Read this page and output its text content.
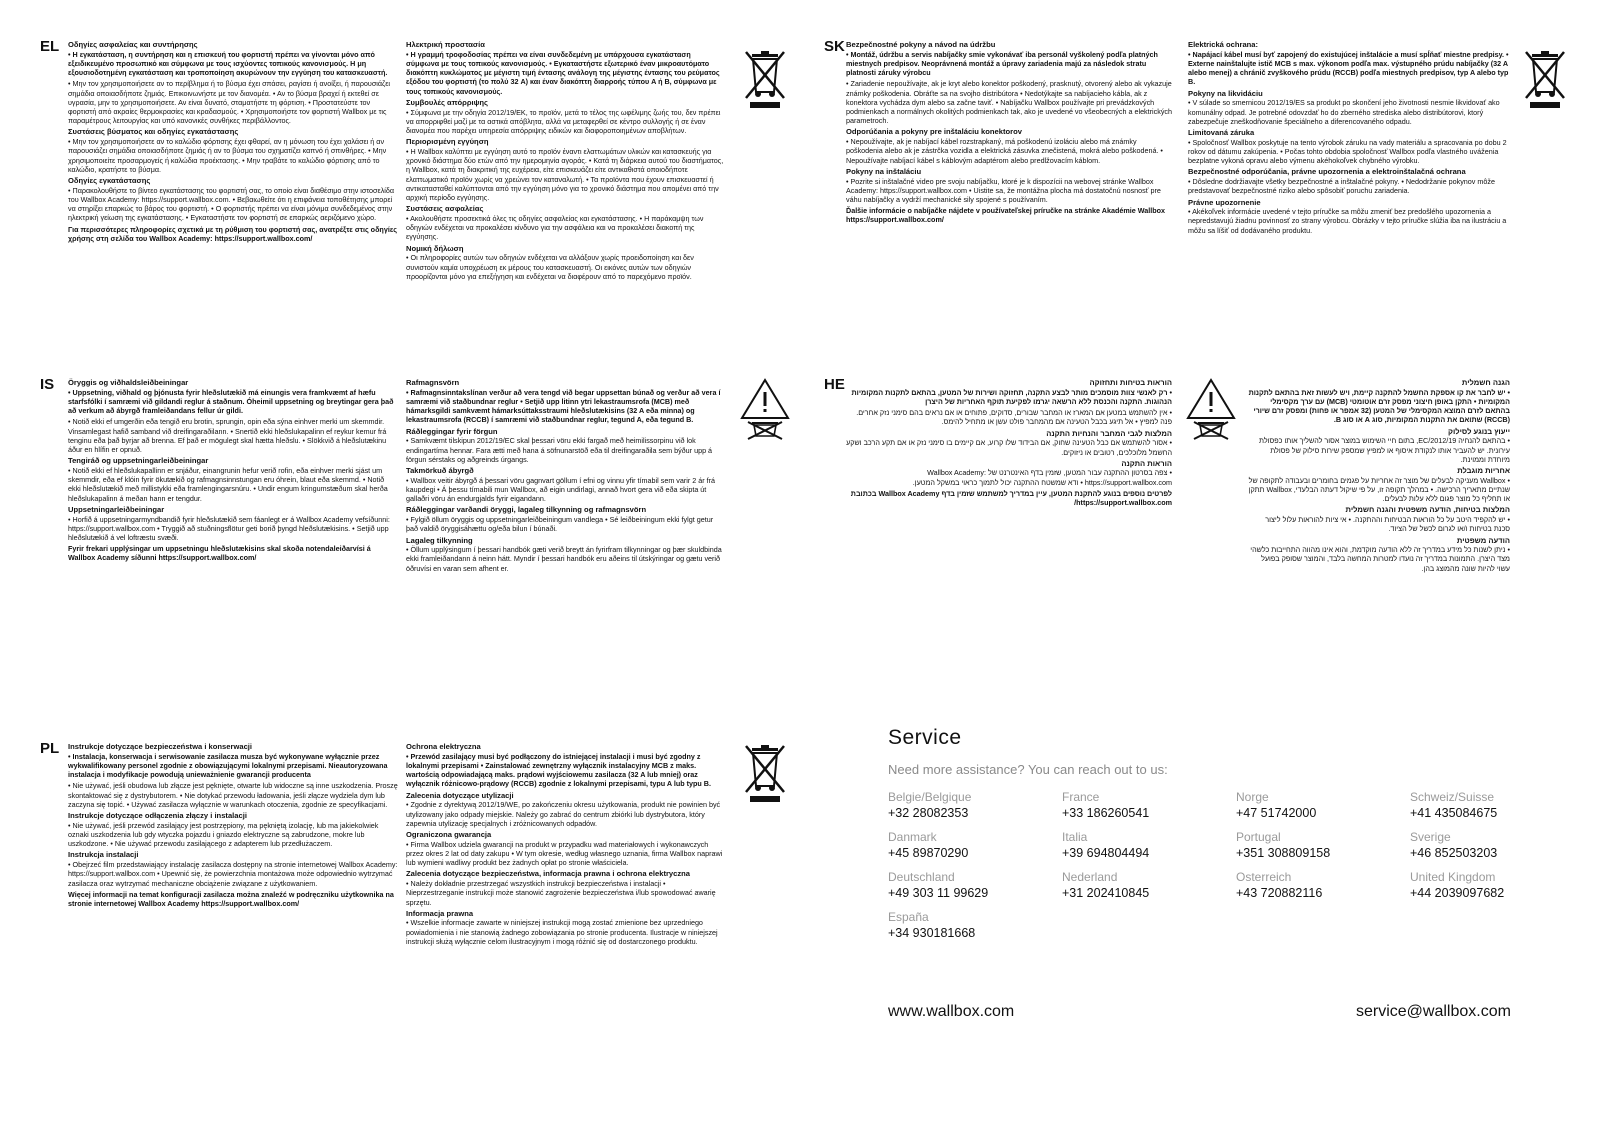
EL
IS
PL
SK
HE
Οδηγίες ασφαλείας και συντήρησης

• Η εγκατάσταση, η συντήρηση και η επισκευή του φορτιστή πρέπει να γίνονται μόνο από εξειδικευμένο προσωπικό και σύμφωνα με τους ισχύοντες τοπικούς κανονισμούς. Η μη εξουσιοδοτημένη εγκατάσταση και τροποποίηση ακυρώνουν την εγγύηση του κατασκευαστή.

• Μην τον χρησιμοποιήσετε αν το περίβλημα ή το βύσμα έχει σπάσει, ραγίσει ή ανοίξει, ή παρουσιάζει σημάδια οποιασδήποτε ζημιάς. Επικοινωνήστε με τον διανομέα. • Αν το βύσμα βραχεί ή εκτεθεί σε υγρασία, μην το χρησιμοποιήσετε. Αν είναι δυνατό, σταματήστε τη φόρτιση. • Προστατεύστε τον φορτιστή από ακραίες θερμοκρασίες και κραδασμούς. • Χρησιμοποιήστε τον φορτιστή Wallbox με τις παραμέτρους λειτουργίας και υπό κανονικές συνθήκες περιβάλλοντος.

Συστάσεις βύσματος και οδηγίες εγκατάστασης

• Μην τον χρησιμοποιήσετε αν το καλώδιο φόρτισης έχει φθαρεί, αν η μόνωση του έχει χαλάσει ή αν παρουσιάζει σημάδια οποιασδήποτε ζημιάς ή αν το βύσμα του σχηματίζει καπνό ή σπινθήρες. • Μην χρησιμοποιείτε προσαρμογείς ή καλώδια προέκτασης. • Μην τραβάτε το καλώδιο φόρτισης από το καλώδιο, κρατήστε το βύσμα.

Οδηγίες εγκατάστασης

• Παρακολουθήστε το βίντεο εγκατάστασης του φορτιστή σας, το οποίο είναι διαθέσιμο στην ιστοσελίδα του Wallbox Academy: https://support.wallbox.com. • Βεβαιωθείτε ότι η επιφάνεια τοποθέτησης μπορεί να στηρίξει επαρκώς το βάρος του φορτιστή. • Ο φορτιστής πρέπει να είναι μόνιμα συνδεδεμένος στην ηλεκτρική γείωση της εγκατάστασης. • Εγκαταστήστε τον φορτιστή σε επαρκώς αεριζόμενο χώρο.

Για περισσότερες πληροφορίες σχετικά με τη ρύθμιση του φορτιστή σας, ανατρέξτε στις οδηγίες χρήσης στη σελίδα του Wallbox Academy: https://support.wallbox.com/

Ηλεκτρική προστασία

• Η γραμμή τροφοδοσίας πρέπει να είναι συνδεδεμένη με υπάρχουσα εγκατάσταση σύμφωνα με τους τοπικούς κανονισμούς. • Εγκαταστήστε εξωτερικό έναν μικροαυτόματο διακόπτη κυκλώματος με μέγιστη τιμή έντασης ανάλογη της μέγιστης έντασης του ρεύματος εξόδου του φορτιστή (το πολύ 32 A) και έναν διακόπτη διαρροής τύπου A ή B, σύμφωνα με τους τοπικούς κανονισμούς.

Συμβουλές απόρριψης

• Σύμφωνα με την οδηγία 2012/19/ΕΚ, το προϊόν, μετά το τέλος της ωφέλιμης ζωής του, δεν πρέπει να απορριφθεί μαζί με τα αστικά απόβλητα, αλλά να μεταφερθεί σε κέντρο συλλογής ή σε έναν διανομέα που παρέχει υπηρεσία απόρριψης ειδικών και διαφοροποιημένων αποβλήτων.

Περιορισμένη εγγύηση

• Η Wallbox καλύπτει με εγγύηση αυτό το προϊόν έναντι ελαττωμάτων υλικών και κατασκευής για χρονικό διάστημα δύο ετών από την ημερομηνία αγοράς. • Κατά τη διάρκεια αυτού του διαστήματος, η Wallbox, κατά τη διακριτική της ευχέρεια, είτε επισκευάζει είτε αντικαθιστά οποιοδήποτε ελαττωματικό προϊόν χωρίς να χρεώνει τον καταναλωτή. • Τα προϊόντα που έχουν επισκευαστεί ή αντικατασταθεί καλύπτονται από την εγγύηση μόνο για το χρονικό διάστημα που απομένει από την αρχική περίοδο εγγύησης.

Συστάσεις ασφαλείας

• Ακολουθήστε προσεκτικά όλες τις οδηγίες ασφαλείας και εγκατάστασης. • Η παράκαμψη των οδηγιών ενδέχεται να προκαλέσει κίνδυνο για την ασφάλεια και να προκαλέσει διακοπή της εγγύησης.

Νομική δήλωση

• Οι πληροφορίες αυτών των οδηγιών ενδέχεται να αλλάξουν χωρίς προειδοποίηση και δεν συνιστούν καμία υποχρέωση εκ μέρους του κατασκευαστή. Οι εικόνες αυτών των οδηγιών προορίζονται μόνο για επεξήγηση και ενδέχεται να διαφέρουν από το παρεχόμενο προϊόν.

Öryggis og viðhaldsleiðbeiningar

• Uppsetning, viðhald og þjónusta fyrir hleðslutækið má einungis vera framkvæmt af hæfu starfsfólki í samræmi við gildandi reglur á staðnum. Óheimil uppsetning og breytingar gera það að verkum að ábyrgð framleiðandans fellur úr gildi.

• Notið ekki ef umgerðin eða tengið eru brotin, sprungin, opin eða sýna einhver merki um skemmdir. Vinsamlegast hafið samband við dreifingaraðilann. • Snertið ekki hleðslukapalinn ef reykur kemur frá tenginu eða það byrjar að brenna. Ef það er mögulegt skal hætta hleðslu. • Slökkvið á hleðslutækinu áður en hlífin er opnuð.

Tengiráð og uppsetningarleiðbeiningar

• Notið ekki ef hleðslukapallinn er snjáður, einangrunin hefur verið rofin, eða einhver merki sjást um skemmdir, eða ef klóin fyrir ökutækið og rafmagnsinnstungan eru óhrein, blaut eða skemmd. • Notið ekki hleðslutækið með millistykki eða framlengingarsnúru. • Undir engum kringumstæðum skal herða hleðslukapalinn á meðan hann er tengdur.

Uppsetningarleiðbeiningar

• Horfið á uppsetningarmyndbandið fyrir hleðslutækið sem fáanlegt er á Wallbox Academy vefsíðunni: https://support.wallbox.com • Tryggið að stuðningsflötur geti borið þyngd hleðslutækisins. • Setjið upp hleðslutækið á vel loftræstu svæði.

Fyrir frekari upplýsingar um uppsetningu hleðslutækisins skal skoða notendaleiðarvísi á Wallbox Academy síðunni https://support.wallbox.com/

Rafmagnsvörn

• Rafmagnsinntakslínan verður að vera tengd við begar uppsettan búnað og verður að vera í samræmi við staðbundnar reglur • Setjið upp litinn ytri lekastraumsrofa (MCB) með hámarksgildi samkvæmt hámarksúttaksstraumi hleðslutækisins (32 A eða minna) og lekastraumsrofa (RCCB) í samræmi við staðbundnar reglur, tegund A, eða tegund B.

Ráðleggingar fyrir förgun

• Samkvæmt tilskipun 2012/19/EC skal þessari vöru ekki fargað með heimilissorpinu við lok endingartíma hennar. Fara ætti með hana á söfnunarstöð eða til dreifingaraðila sem býður upp á förgun sérstaks og aðgreinds úrgangs.

Takmörkuð ábyrgð

• Wallbox veitir ábyrgð á þessari vöru gagnvart göllum í efni og vinnu yfir tímabil sem varir 2 ár frá kaupdegi • Á þessu tímabili mun Wallbox, að eigin undirlagi, annað hvort gera við eða skipta út gallaðri vöru án endurgjalds fyrir eigandann.

Ráðleggingar varðandi öryggi, lagaleg tilkynning og rafmagnsvörn

• Fylgið öllum öryggis og uppsetningarleiðbeiningum vandlega • Sé leiðbeiningum ekki fylgt getur það valdið öryggisáhættu og/eða bilun í búnaði.

Lagaleg tilkynning

• Öllum upplýsingum í þessari handbók gæti verið breytt án fyrirfram tilkynningar og þær skuldbinda ekki framleiðandann á neinn hátt. Myndir í þessari handbók eru aðeins til útskýringar og gætu verið öðruvísi en varan sem afhent er.

Instrukcje dotyczące bezpieczeństwa i konserwacji

• Instalacja, konserwacja i serwisowanie zasilacza musza być wykonywane wyłącznie przez wykwalifikowany personel zgodnie z obowiązującymi lokalnymi przepisami. Nieautoryzowana instalacja i modyfikacje powodują unieważnienie gwarancji producenta

• Nie używać, jeśli obudowa lub złącze jest pęknięte, otwarte lub widoczne są inne uszkodzenia. Proszę skontaktować się z dystrybutorem. • Nie dotykać przewodu ładowania, jeśli złącze wydziela dym lub zaczyna się topić. • Używać zasilacza wyłącznie w warunkach otoczenia, zgodnie ze specyfikacjami.

Instrukcje dotyczące odłączenia złączy i instalacji

• Nie używać, jeśli przewód zasilający jest postrzępiony, ma pękniętą izolację, lub ma jakiekolwiek oznaki uszkodzenia lub gdy wtyczka pojazdu i gniazdo elektryczne są zabrudzone, mokre lub uszkodzone. • Nie używać przewodu zasilającego z adapterem lub przedłużaczem.

Instrukcja instalacji

• Obejrzeć film przedstawiający instalację zasilacza dostępny na stronie internetowej Wallbox Academy: https://support.wallbox.com • Upewnić się, że powierzchnia montażowa może odpowiednio wytrzymać zasilacza oraz wytrzymać mechaniczne obciążenie związane z użytkowaniem.

Więcej informacji na temat konfiguracji zasilacza można znaleźć w podręczniku użytkownika na stronie internetowej Wallbox Academy https://support.wallbox.com/

Ochrona elektryczna

• Przewód zasilający musi być podłączony do istniejącej instalacji i musi być zgodny z lokalnymi przepisami • Zainstalować zewnętrzny wyłącznik instalacyjny MCB z maks. wartością odpowiadającą maks. prądowi wyjściowemu zasilacza (32 A lub mniej) oraz wyłącznik różnicowo-prądowy (RCCB) zgodnie z lokalnymi przepisami, typu A lub typu B.

Zalecenia dotyczące utylizacji

• Zgodnie z dyrektywą 2012/19/WE, po zakończeniu okresu użytkowania, produkt nie powinien być utylizowany jako odpady miejskie. Należy go zabrać do centrum zbiórki lub dystrybutora, który zapewnia utylizację specjalnych i zróżnicowanych odpadów.

Ograniczona gwarancja

• Firma Wallbox udziela gwarancji na produkt w przypadku wad materiałowych i wykonawczych przez okres 2 lat od daty zakupu • W tym okresie, według własnego uznania, firma Wallbox naprawi lub wymieni wadliwy produkt bez żadnych opłat po stronie właściciela.

Zalecenia dotyczące bezpieczeństwa, informacja prawna i ochrona elektryczna

• Należy dokładnie przestrzegać wszystkich instrukcji bezpieczeństwa i instalacji • Nieprzestrzeganie instrukcji może stanowić zagrożenie bezpieczeństwa i/lub spowodować awarię sprzętu.

Informacja prawna

• Wszelkie informacje zawarte w niniejszej instrukcji mogą zostać zmienione bez uprzedniego powiadomienia i nie stanowią żadnego zobowiązania po stronie producenta. Ilustracje w niniejszej instrukcji służą wyłącznie celom ilustracyjnym i mogą różnić się od dostarczonego produktu.

Bezpečnostné pokyny a návod na údržbu

• Montáž, údržbu a servis nabíjačky smie vykonávať iba personál vyškolený podľa platných miestnych predpisov. Neoprávnená montáž a úpravy zariadenia majú za následok stratu platnosti záruky výrobcu

• Zariadenie nepoužívajte, ak je kryt alebo konektor poškodený, prasknutý, otvorený alebo ak vykazuje známky poškodenia. Obráťte sa na svojho distribútora • Nedotýkajte sa nabíjacieho kábla, ak z konektora vychádza dym alebo sa začne taviť. • Nabíjačku Wallbox používajte pri prevádzkových podmienkach a normálnych okolitých podmienkach tak, ako je uvedené vo všeobecných a elektrických parametroch.

Odporúčania a pokyny pre inštaláciu konektorov

• Nepoužívajte, ak je nabíjací kábel rozstrapkaný, má poškodenú izoláciu alebo má známky poškodenia alebo ak je zástrčka vozidla a elektrická zásuvka znečistená, mokrá alebo poškodená. • Nepoužívajte nabíjací kábel s káblovým adaptérom alebo predlžovacím káblom.

Pokyny na inštaláciu

• Pozrite si inštalačné video pre svoju nabíjačku, ktoré je k dispozícii na webovej stránke Wallbox Academy: https://support.wallbox.com • Uistite sa, že montážna plocha má dostatočnú nosnosť pre váhu nabíjačky a vydrží mechanické sily spojené s používaním.

Ďalšie informácie o nabíjačke nájdete v používateľskej príručke na stránke Akadémie Wallbox https://support.wallbox.com/

Elektrická ochrana:

• Napájací kábel musí byť zapojený do existujúcej inštalácie a musí spĺňať miestne predpisy. • Externe nainštalujte istič MCB s max. výkonom podľa max. výstupného prúdu nabíjačky (32 A alebo menej) a chránič zvyškového prúdu (RCCB) podľa miestnych predpisov, typ A alebo typ B.

Pokyny na likvidáciu

• V súlade so smernicou 2012/19/ES sa produkt po skončení jeho životnosti nesmie likvidovať ako komunálny odpad. Je potrebné odovzdať ho do zberného strediska alebo distribútorovi, ktorý zabezpečuje zneškodňovanie špeciálneho a diferencovaného odpadu.

Limitovaná záruka

• Spoločnosť Wallbox poskytuje na tento výrobok záruku na vady materiálu a spracovania po dobu 2 rokov od dátumu zakúpenia. • Počas tohto obdobia spoločnosť Wallbox podľa vlastného uváženia bezplatne vykoná opravu alebo výmenu akéhokoľvek chybného výrobku.

Bezpečnostné odporúčania, právne upozornenia a elektroinštalačná ochrana

• Dôsledne dodržiavajte všetky bezpečnostné a inštalačné pokyny. • Nedodržanie pokynov môže predstavovať bezpečnostné riziko alebo spôsobiť poruchu zariadenia.

Právne upozornenie

• Akékoľvek informácie uvedené v tejto príručke sa môžu zmeniť bez predošlého upozornenia a nepredstavujú žiadnu povinnosť zo strany výrobcu. Obrázky v tejto príručke slúžia iba na ilustráciu a môžu sa líšiť od dodávaného produktu.

הוראות בטיחות ותחזוקה

• רק לאנשי צוות מוסמכים מותר לבצע התקנה, תחזוקה ושירות של המטען, בהתאם לתקנות המקומיות הנהוגות. התקנה והכנסת ללא הרשאה יגרמו לפקיעת תוקף האחריות של היצרן

• אין להשתמש במטען אם המארז או המחבר שבורים, סדוקים, פתוחים או אם נראים בהם סימני נזק אחרים. פנה למפיץ • אל תיגע בכבל הטעינה אם מהמחבר פולט עשן או מתחיל להימס.

המלצות לגבי המחבר והנחיות התקנה

• אסור להשתמש אם כבל הטעינה שחוק, אם הבידוד שלו קרוע, אם קיימים בו סימני נזק או אם תקע הרכב ושקע החשמל מלוכלכים, רטובים או ניזוקים.

הוראות התקנה

• צפה בסרטון ההתקנה עבור המטען, שזמין בדף האינטרנט של Wallbox Academy: https://support.wallbox.com • ודא שמשטח ההתקנה יכול לתמוך כראוי במשקל המטען.

לפרטים נוספים בנוגע להתקנת המטען, עיין במדריך למשתמש שזמין בדף Wallbox Academy בכתובת https://support.wallbox.com/

הגנה חשמלית

• יש לחבר את קו אספקת החשמל להתקנה קיימת, ויש לעשות זאת בהתאם לתקנות המקומיות • התקן באופן חיצוני מפסק זרם אוטומטי (MCB) עם ערך מקסימלי בהתאם לזרם המוצא המקסימלי של המטען (32 אמפר או פחות) ומפסק זרם שיורי (RCCB) שתואם את התקנות המקומיות, סוג A או סוג B.

ייעוץ בנוגע לסילוק

• בהתאם להנחיה 2012/19/EC, בתום חיי השימוש במוצר אסור להשליך אותו כפסולת עירונית. יש להעביר אותו לנקודת איסוף או למפיץ שמספק שירות סילוק של פסולת מיוחדת וממוינת.

אחריות מוגבלת

• Wallbox מעניקה לבעלים של מוצר זה אחריות על פגמים בחומרים ובעבודה לתקופה של שנתיים מתאריך הרכישה. • במהלך תקופה זו, על פי שיקול דעתה הבלעדי, Wallbox תתקן או תחליף כל מוצר פגום ללא עלות לבעלים.

המלצות בטיחות, הודעה משפטית והגנה חשמלית

• יש להקפיד היטב על כל הוראות הבטיחות וההתקנה. • אי ציות להוראות עלול ליצור סכנת בטיחות ו/או לגרום לכשל של הציוד.

הודעה משפטית

• ניתן לשנות כל מידע במדריך זה ללא הודעה מוקדמת, והוא אינו מהווה התחייבות כלשהי מצד היצרן. התמונות במדריך זה נועדו למטרות המחשה בלבד, והמוצר שסופק בפועל עשוי להיות שונה מהמוצג בהן.

Service
Need more assistance? You can reach out to us:
Belgie/Belgique
+32 28082353
France
+33 186260541
Norge
+47 51742000
Schweiz/Suisse
+41 435084675
Danmark
+45 89870290
Italia
+39 694804494
Portugal
+351 308809158
Sverige
+46 852503203
Deutschland
+49 303 11 99629
Nederland
+31 202410845
Osterreich
+43 720882116
United Kingdom
+44 2039097682
España
+34 930181668
www.wallbox.com	service@wallbox.com
